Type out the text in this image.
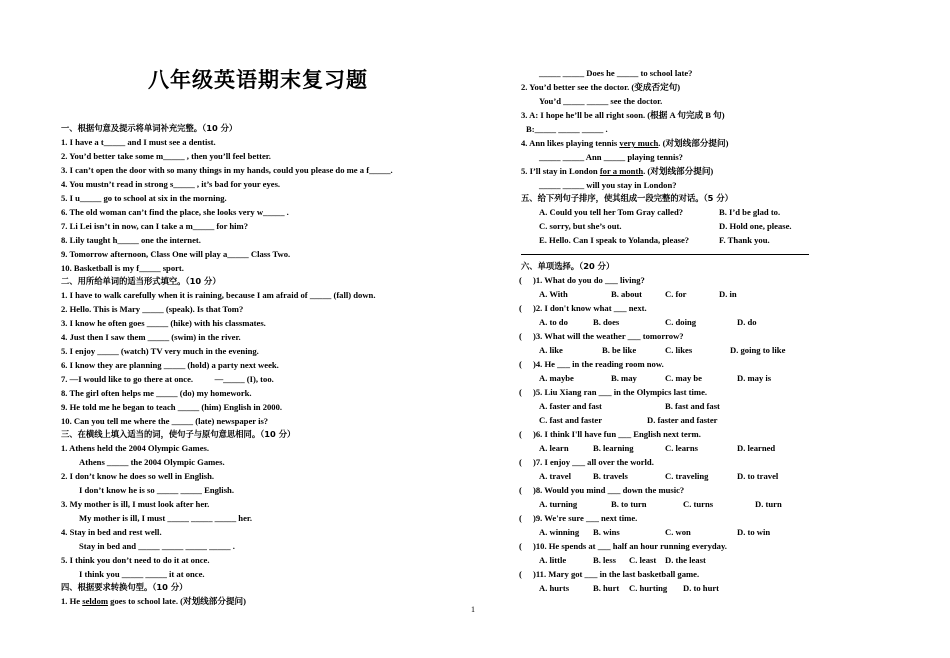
八年级英语期末复习题
一、根据句意及提示将单词补充完整。（10 分）
1. I have a t_____ and I must see a dentist.
2. You’d better take some m_____ , then you’ll feel better.
3. I can’t open the door with so many things in my hands, could you please do me a f_____.
4. You mustn’t read in strong s_____ , it’s bad for your eyes.
5. I u_____ go to school at six in the morning.
6. The old woman can’t find the place, she looks very w_____ .
7. Li Lei isn’t in now, can I take a m_____ for him?
8. Lily taught h_____ one the internet.
9. Tomorrow afternoon, Class One will play a_____ Class Two.
10. Basketball is my f_____ sport.
二、用所给单词的适当形式填空。（10 分）
1. I have to walk carefully when it is raining, because I am afraid of _____ (fall) down.
2. Hello. This is Mary _____ (speak). Is that Tom?
3. I know he often goes _____ (hike) with his classmates.
4. Just then I saw them _____ (swim) in the river.
5. I enjoy _____ (watch) TV very much in the evening.
6. I know they are planning _____ (hold) a party next week.
7. —I would like to go there at once.          —_____ (I), too.
8. The girl often helps me _____ (do) my homework.
9. He told me he began to teach _____ (him) English in 2000.
10. Can you tell me where the _____ (late) newspaper is?
三、在横线上填入适当的词，使句子与原句意思相同。（10 分）
1. Athens held the 2004 Olympic Games.
Athens _____ the 2004 Olympic Games.
2. I don’t know he does so well in English.
I don’t know he is so _____ _____ English.
3. My mother is ill, I must look after her.
My mother is ill, I must _____ _____ _____ her.
4. Stay in bed and rest well.
Stay in bed and _____ _____ _____ _____ .
5. I think you don’t need to do it at once.
I think you _____ _____ it at once.
四、根据要求转换句型。（10 分）
1. He seldom goes to school late. (对划线部分提问)
_____ _____ Does he _____ to school late?
2. You’d better see the doctor. (变成否定句)
You’d _____ _____ see the doctor.
3. A: I hope he’ll be all right soon. (根据 A 句完成 B 句)
B:_____ _____ _____ .
4. Ann likes playing tennis very much. (对划线部分提问)
_____ _____ Ann _____ playing tennis?
5. I’ll stay in London for a month. (对划线部分提问)
_____ _____ will you stay in London?
五、给下列句子排序，使其组成一段完整的对话。（5 分）
A. Could you tell her Tom Gray called?	B. I’d be glad to.
C. sorry, but she’s out.	D. Hold one, please.
E. Hello. Can I speak to Yolanda, please?	F. Thank you.
六、单项选择。（20 分）
( )1. What do you do ___ living?
A. With	B. about	C. for	D. in
( )2. I don't know what ___ next.
A. to do	B. does	C. doing	D. do
( )3. What will the weather ___ tomorrow?
A. like	B. be like	C. likes	D. going to like
( )4. He ___ in the reading room now.
A. maybe	B. may	C. may be	D. may is
( )5. Liu Xiang ran ___ in the Olympics last time.
A. faster and fast	B. fast and fast
C. fast and faster	D. faster and faster
( )6. I think I'll have fun ___ English next term.
A. learn	B. learning	C. learns	D. learned
( )7. I enjoy ___ all over the world.
A. travel	B. travels	C. traveling	D. to travel
( )8. Would you mind ___ down the music?
A. turning	B. to turn	C. turns	D. turn
( )9. We're sure ___ next time.
A. winning B. wins	C. won	D. to win
( )10. He spends at ___ half an hour running everyday.
A. little	B. less C. least D. the least
( )11. Mary got ___ in the last basketball game.
A. hurts	B. hurt C. hurting D. to hurt
1
